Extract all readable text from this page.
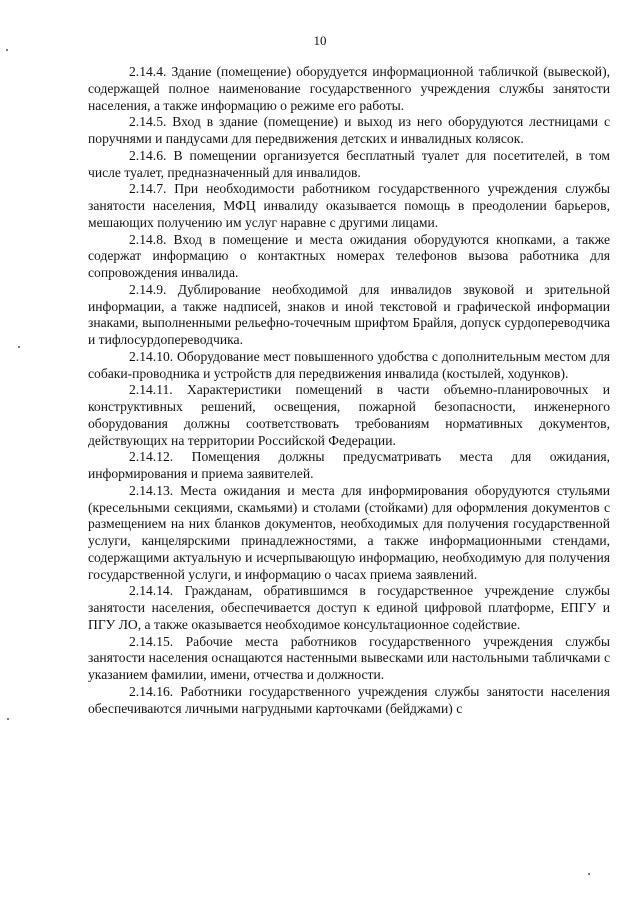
10

2.14.4. Здание (помещение) оборудуется информационной табличкой (вывеской), содержащей полное наименование государственного учреждения службы занятости населения, а также информацию о режиме его работы.

2.14.5. Вход в здание (помещение) и выход из него оборудуются лестницами с поручнями и пандусами для передвижения детских и инвалидных колясок.

2.14.6. В помещении организуется бесплатный туалет для посетителей, в том числе туалет, предназначенный для инвалидов.

2.14.7. При необходимости работником государственного учреждения службы занятости населения, МФЦ инвалиду оказывается помощь в преодолении барьеров, мешающих получению им услуг наравне с другими лицами.

2.14.8. Вход в помещение и места ожидания оборудуются кнопками, а также содержат информацию о контактных номерах телефонов вызова работника для сопровождения инвалида.

2.14.9. Дублирование необходимой для инвалидов звуковой и зрительной информации, а также надписей, знаков и иной текстовой и графической информации знаками, выполненными рельефно-точечным шрифтом Брайля, допуск сурдопереводчика и тифлосурдопереводчика.

2.14.10. Оборудование мест повышенного удобства с дополнительным местом для собаки-проводника и устройств для передвижения инвалида (костылей, ходунков).

2.14.11. Характеристики помещений в части объемно-планировочных и конструктивных решений, освещения, пожарной безопасности, инженерного оборудования должны соответствовать требованиям нормативных документов, действующих на территории Российской Федерации.

2.14.12. Помещения должны предусматривать места для ожидания, информирования и приема заявителей.

2.14.13. Места ожидания и места для информирования оборудуются стульями (кресельными секциями, скамьями) и столами (стойками) для оформления документов с размещением на них бланков документов, необходимых для получения государственной услуги, канцелярскими принадлежностями, а также информационными стендами, содержащими актуальную и исчерпывающую информацию, необходимую для получения государственной услуги, и информацию о часах приема заявлений.

2.14.14. Гражданам, обратившимся в государственное учреждение службы занятости населения, обеспечивается доступ к единой цифровой платформе, ЕПГУ и ПГУ ЛО, а также оказывается необходимое консультационное содействие.

2.14.15. Рабочие места работников государственного учреждения службы занятости населения оснащаются настенными вывесками или настольными табличками с указанием фамилии, имени, отчества и должности.

2.14.16. Работники государственного учреждения службы занятости населения обеспечиваются личными нагрудными карточками (бейджами) с
